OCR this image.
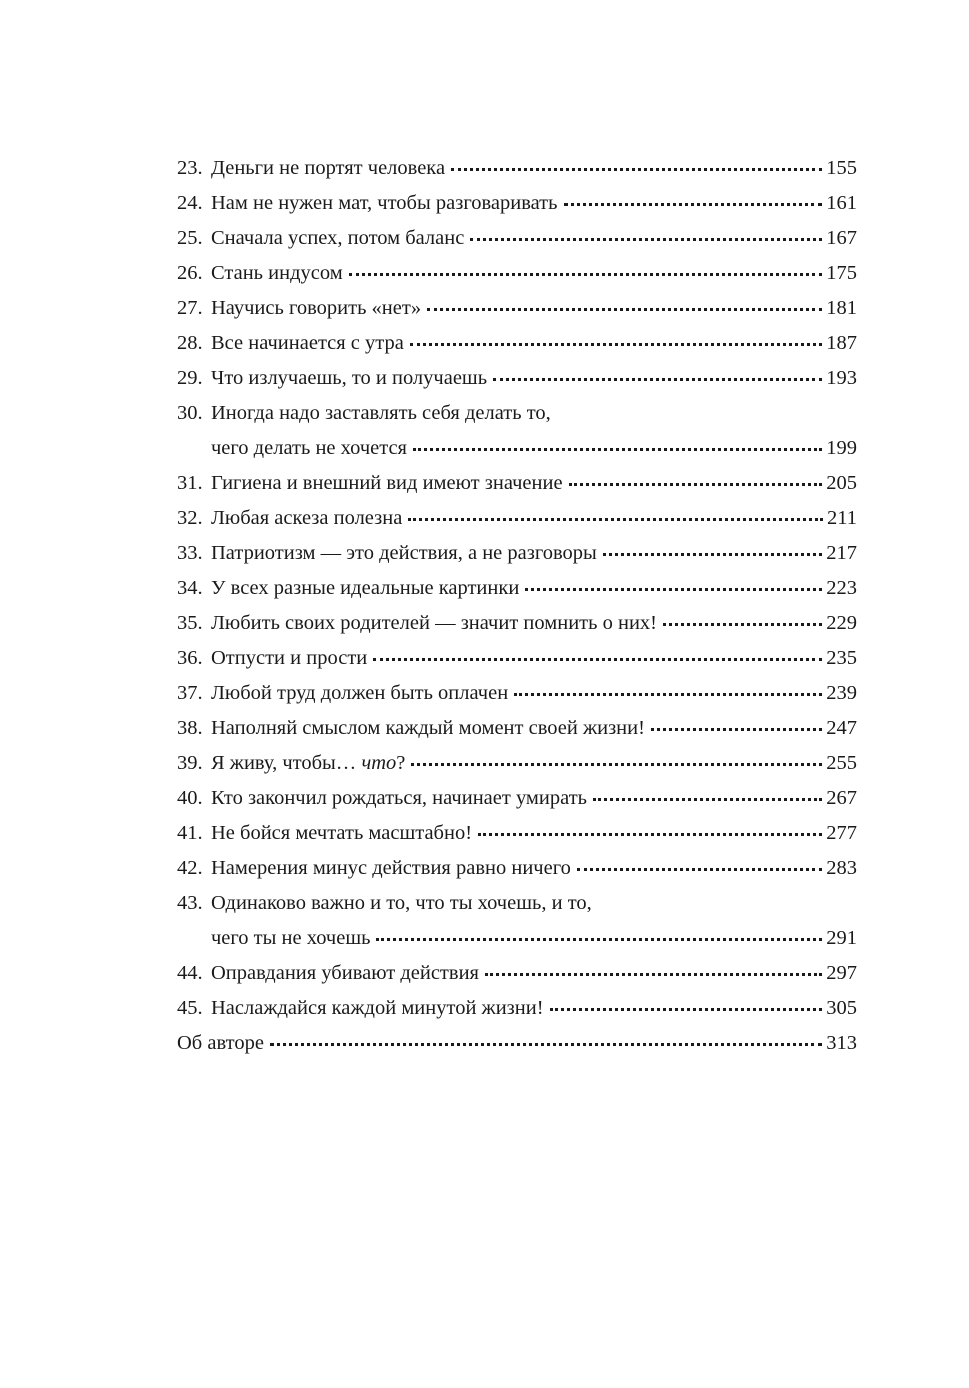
23. Деньги не портят человека	155
24. Нам не нужен мат, чтобы разговаривать	161
25. Сначала успех, потом баланс	167
26. Стань индусом	175
27. Научись говорить «нет»	181
28. Все начинается с утра	187
29. Что излучаешь, то и получаешь	193
30. Иногда надо заставлять себя делать то,
чего делать не хочется	199
31. Гигиена и внешний вид имеют значение	205
32. Любая аскеза полезна	211
33. Патриотизм — это действия, а не разговоры	217
34. У всех разные идеальные картинки	223
35. Любить своих родителей — значит помнить о них!	229
36. Отпусти и прости	235
37. Любой труд должен быть оплачен	239
38. Наполняй смыслом каждый момент своей жизни!	247
39. Я живу, чтобы… что?	255
40. Кто закончил рождаться, начинает умирать	267
41. Не бойся мечтать масштабно!	277
42. Намерения минус действия равно ничего	283
43. Одинаково важно и то, что ты хочешь, и то,
чего ты не хочешь	291
44. Оправдания убивают действия	297
45. Наслаждайся каждой минутой жизни!	305
Об авторе	313
